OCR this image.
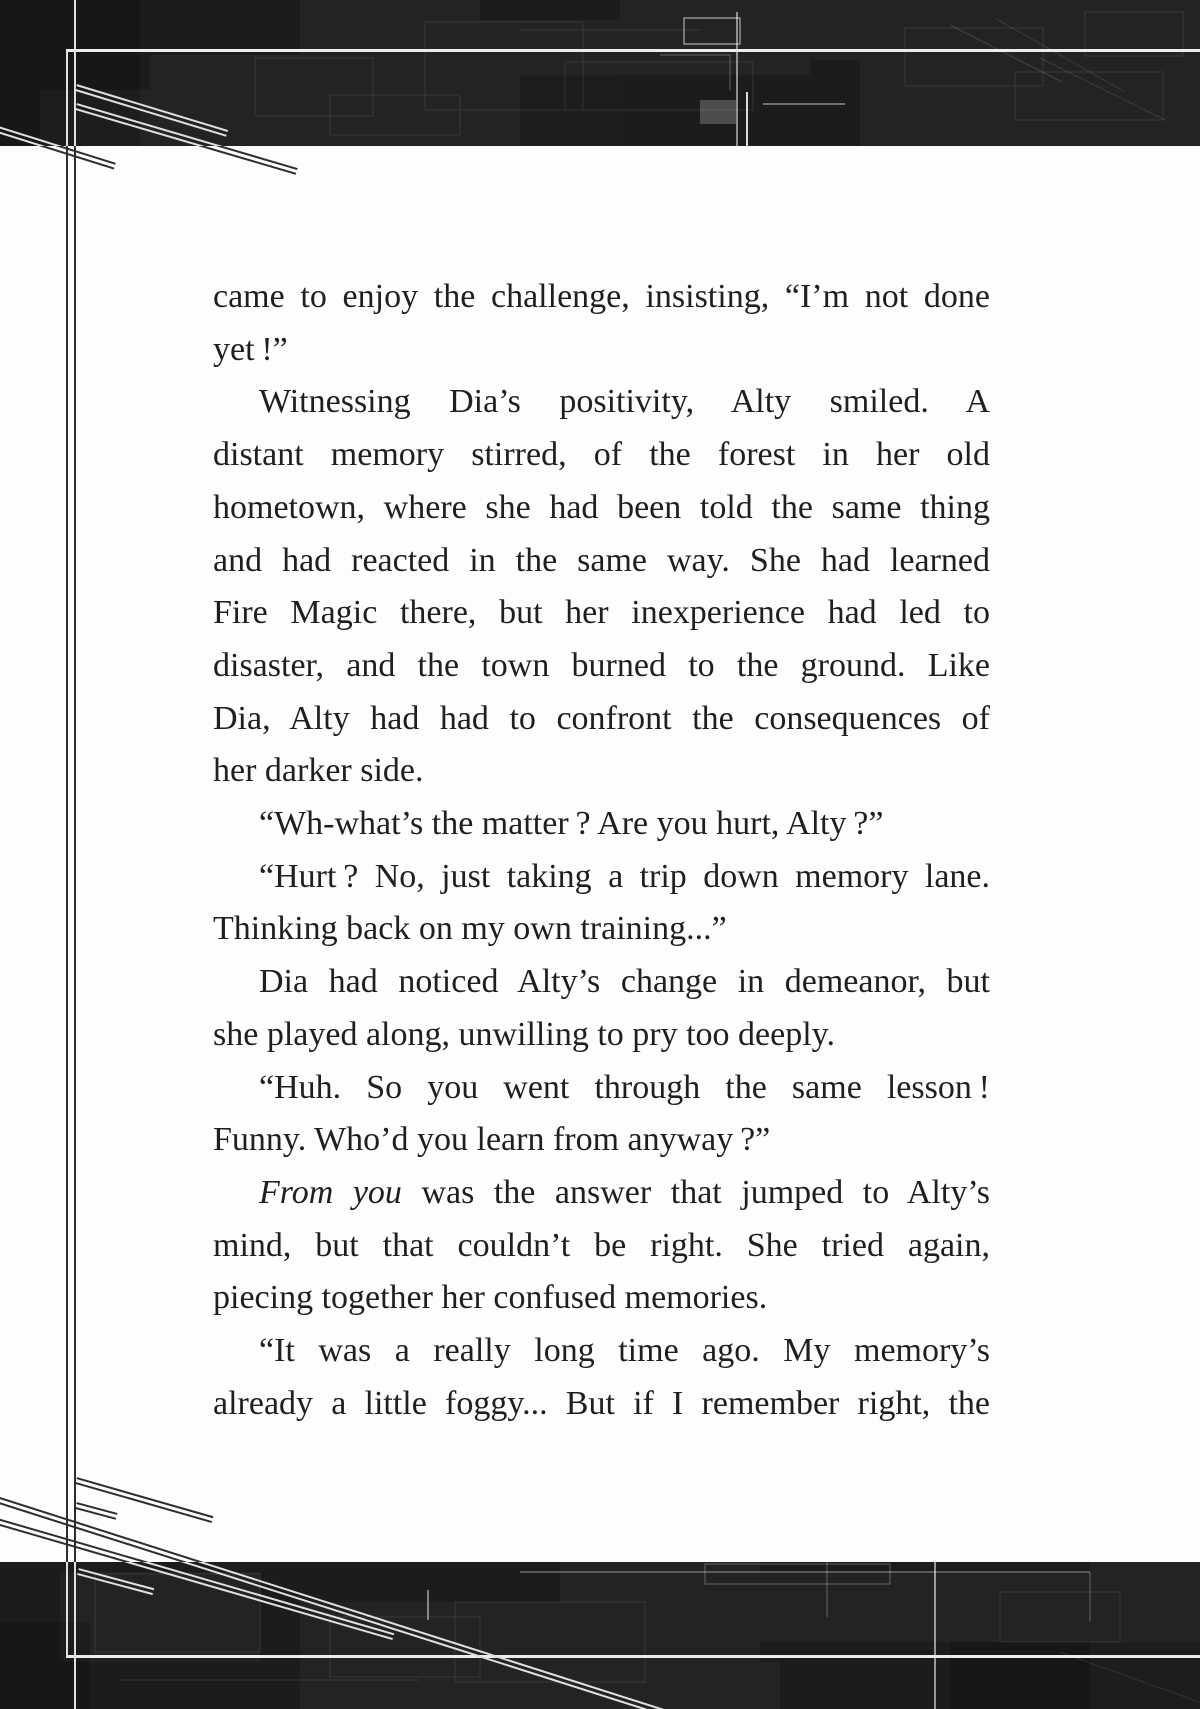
came to enjoy the challenge, insisting, “I’m not done
yet !”
Witnessing Dia’s positivity, Alty smiled. A
distant memory stirred, of the forest in her old
hometown, where she had been told the same thing
and had reacted in the same way. She had learned
Fire Magic there, but her inexperience had led to
disaster, and the town burned to the ground. Like
Dia, Alty had had to confront the consequences of
her darker side.
“Wh-what’s the matter ? Are you hurt, Alty ?”
“Hurt ? No, just taking a trip down memory lane.
Thinking back on my own training...”
Dia had noticed Alty’s change in demeanor, but
she played along, unwilling to pry too deeply.
“Huh. So you went through the same lesson !
Funny. Who’d you learn from anyway ?”
From you was the answer that jumped to Alty’s
mind, but that couldn’t be right. She tried again,
piecing together her confused memories.
“It was a really long time ago. My memory’s
already a little foggy... But if I remember right, the
